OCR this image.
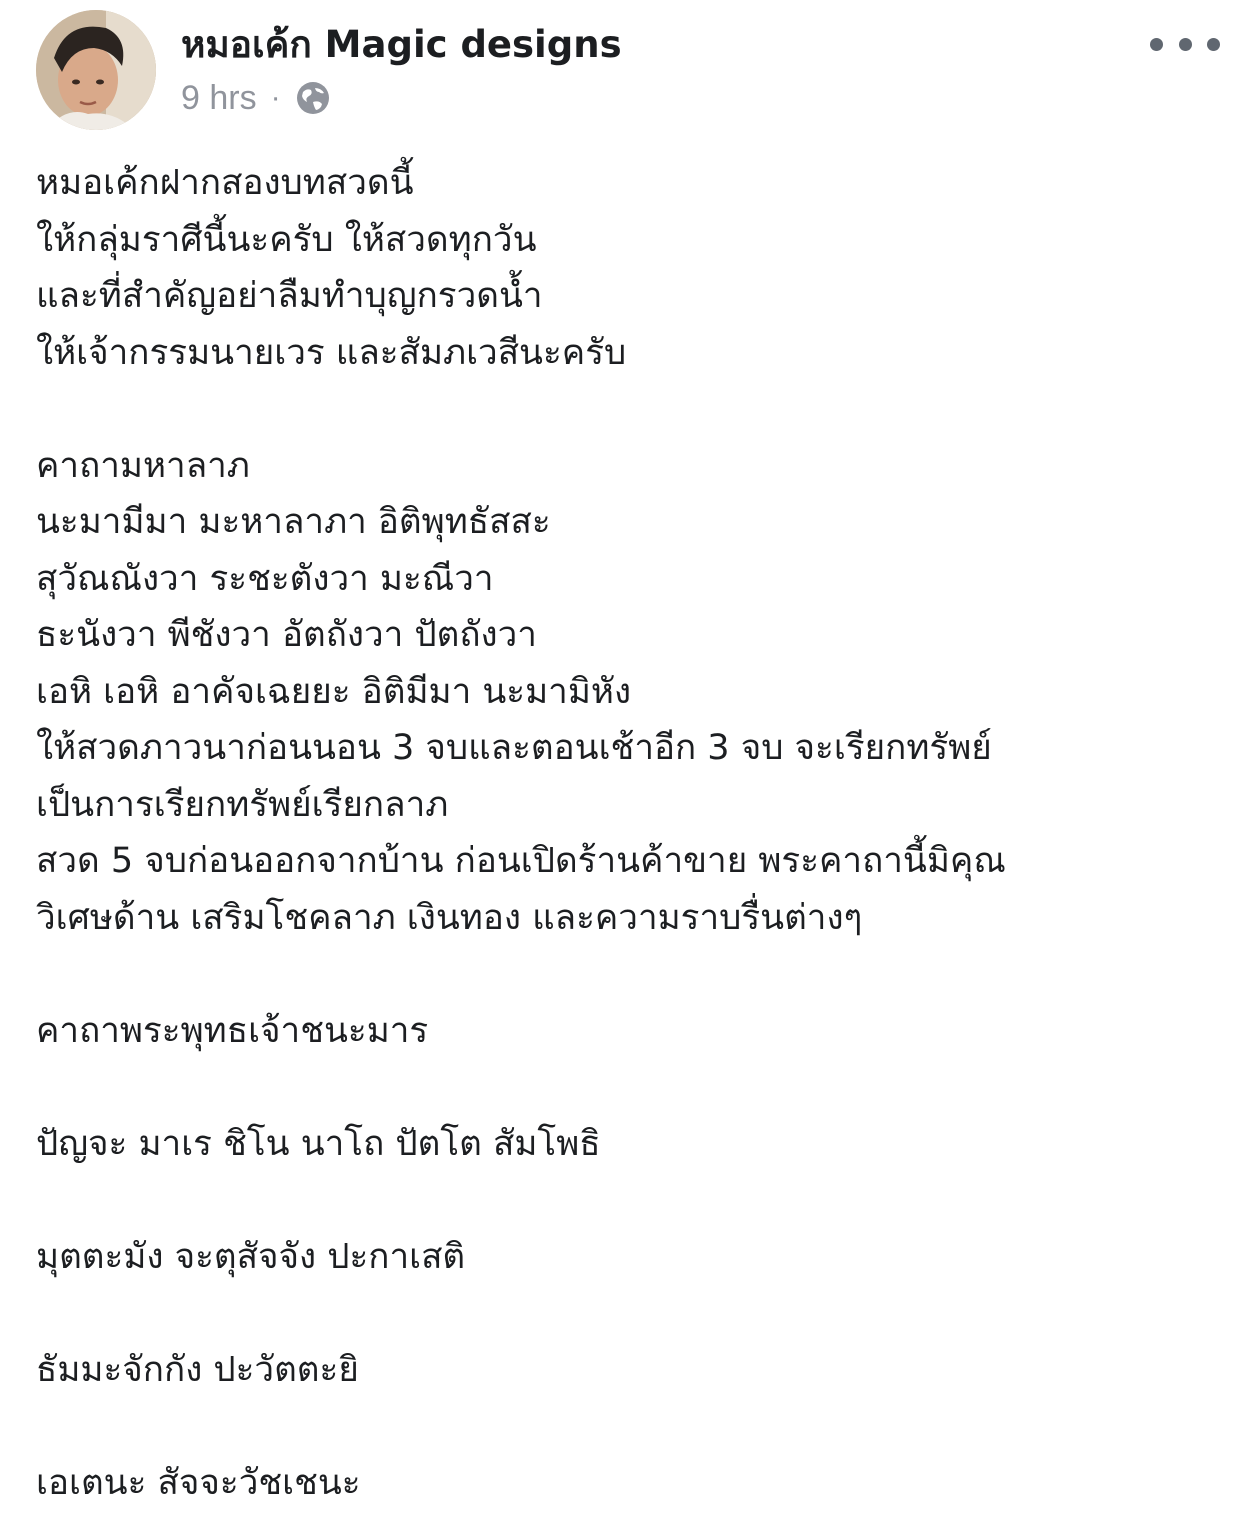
หมอเค้ก Magic designs
9 hrs ·
หมอเค้กฝากสองบทสวดนี้
ให้กลุ่มราศีนี้นะครับ ให้สวดทุกวัน
และที่สำคัญอย่าลืมทำบุญกรวดน้ำ
ให้เจ้ากรรมนายเวร และสัมภเวสีนะครับ
คาถามหาลาภ
นะมามีมา มะหาลาภา อิติพุทธัสสะ
สุวัณณังวา ระชะตังวา มะณีวา
ธะนังวา พีชังวา อัตถังวา ปัตถังวา
เอหิ เอหิ อาคัจเฉยยะ อิติมีมา นะมามิหัง
ให้สวดภาวนาก่อนนอน 3 จบและตอนเช้าอีก 3 จบ จะเรียกทรัพย์
เป็นการเรียกทรัพย์เรียกลาภ
สวด 5 จบก่อนออกจากบ้าน ก่อนเปิดร้านค้าขาย พระคาถานี้มิคุณ
วิเศษด้าน เสริมโชคลาภ เงินทอง และความราบรื่นต่างๆ
คาถาพระพุทธเจ้าชนะมาร
ปัญจะ มาเร ชิโน นาโถ ปัตโต สัมโพธิ
มุตตะมัง จะตุสัจจัง ปะกาเสติ
ธัมมะจักกัง ปะวัตตะยิ
เอเตนะ สัจจะวัชเชนะ
